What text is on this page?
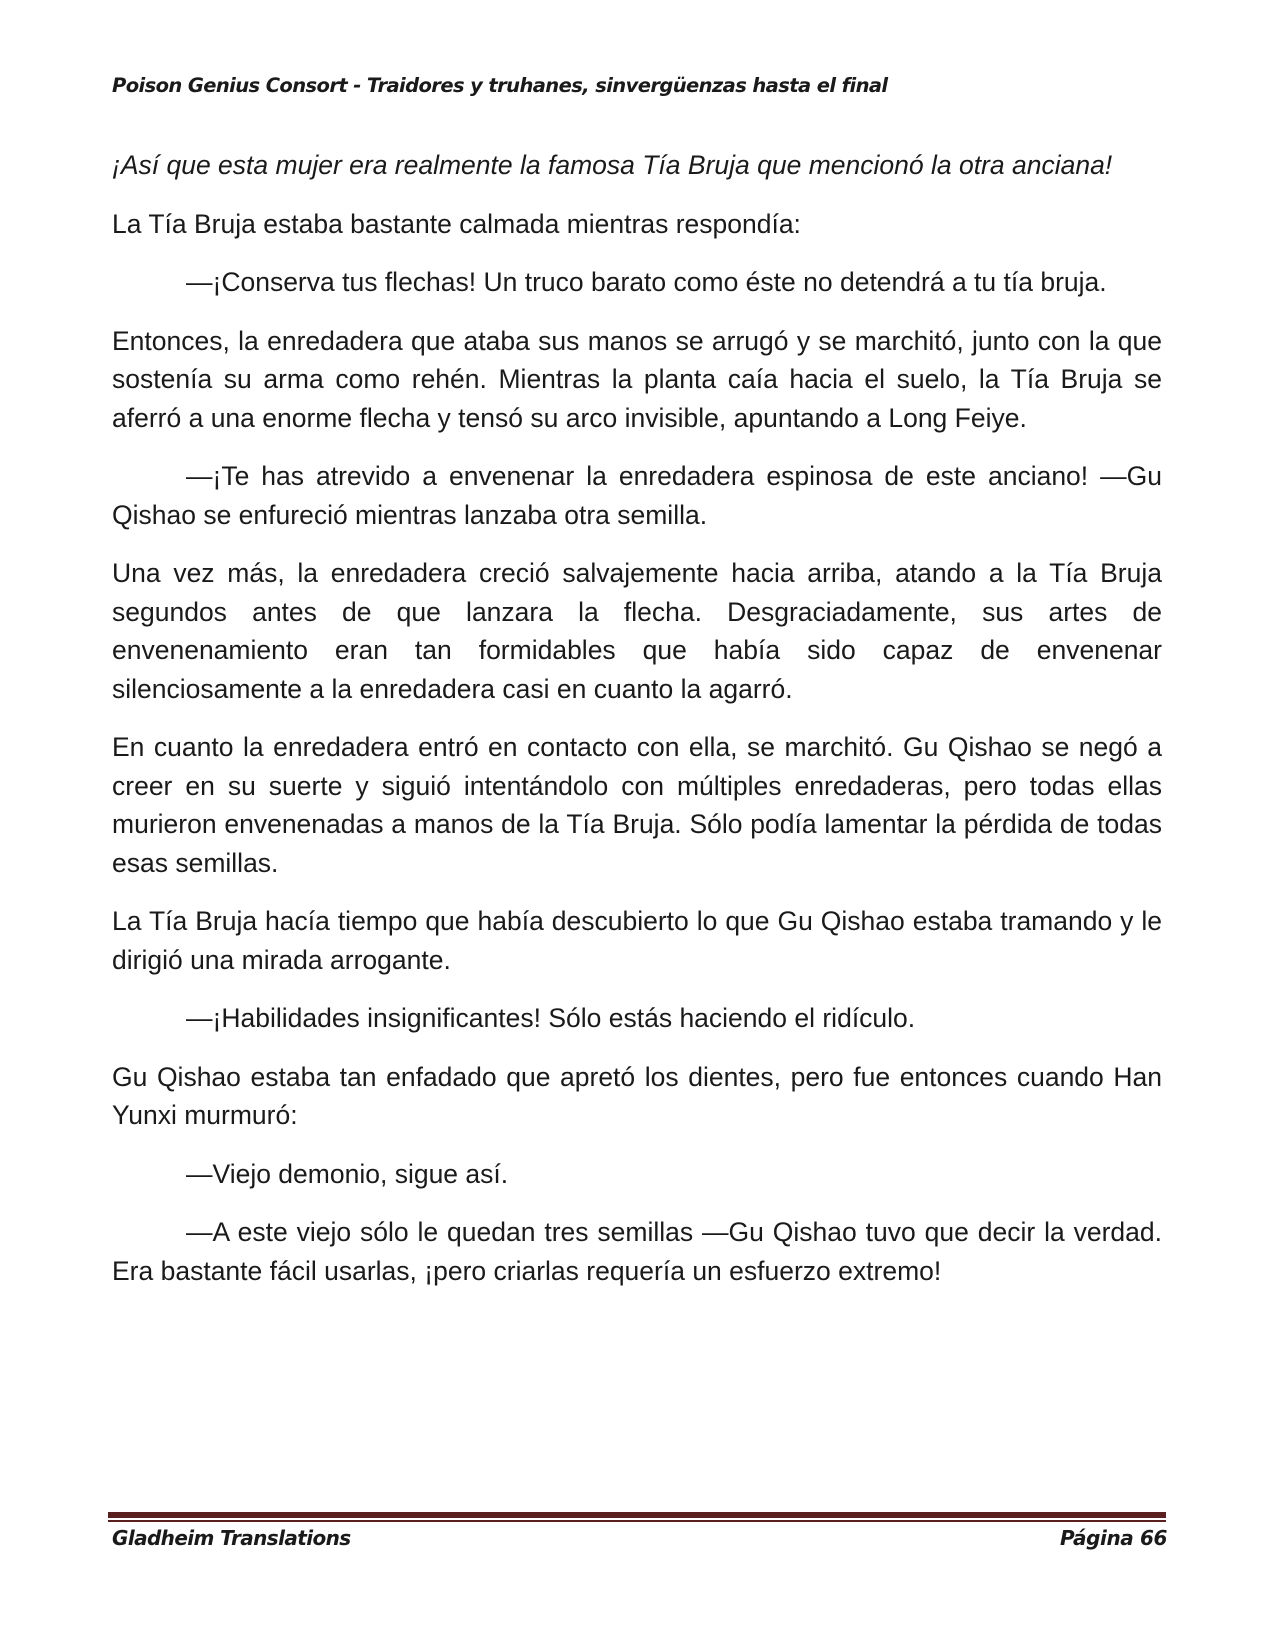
Poison Genius Consort - Traidores y truhanes, sinvergüenzas hasta el final

¡Así que esta mujer era realmente la famosa Tía Bruja que mencionó la otra anciana!

La Tía Bruja estaba bastante calmada mientras respondía:

—¡Conserva tus flechas! Un truco barato como éste no detendrá a tu tía bruja.

Entonces, la enredadera que ataba sus manos se arrugó y se marchitó, junto con la que sostenía su arma como rehén. Mientras la planta caía hacia el suelo, la Tía Bruja se aferró a una enorme flecha y tensó su arco invisible, apuntando a Long Feiye.

—¡Te has atrevido a envenenar la enredadera espinosa de este anciano! —Gu Qishao se enfureció mientras lanzaba otra semilla.

Una vez más, la enredadera creció salvajemente hacia arriba, atando a la Tía Bruja segundos antes de que lanzara la flecha. Desgraciadamente, sus artes de envenenamiento eran tan formidables que había sido capaz de envenenar silenciosamente a la enredadera casi en cuanto la agarró.

En cuanto la enredadera entró en contacto con ella, se marchitó. Gu Qishao se negó a creer en su suerte y siguió intentándolo con múltiples enredaderas, pero todas ellas murieron envenenadas a manos de la Tía Bruja. Sólo podía lamentar la pérdida de todas esas semillas.

La Tía Bruja hacía tiempo que había descubierto lo que Gu Qishao estaba tramando y le dirigió una mirada arrogante.

—¡Habilidades insignificantes! Sólo estás haciendo el ridículo.

Gu Qishao estaba tan enfadado que apretó los dientes, pero fue entonces cuando Han Yunxi murmuró:

—Viejo demonio, sigue así.

—A este viejo sólo le quedan tres semillas —Gu Qishao tuvo que decir la verdad. Era bastante fácil usarlas, ¡pero criarlas requería un esfuerzo extremo!

Gladheim Translations	Página 66
